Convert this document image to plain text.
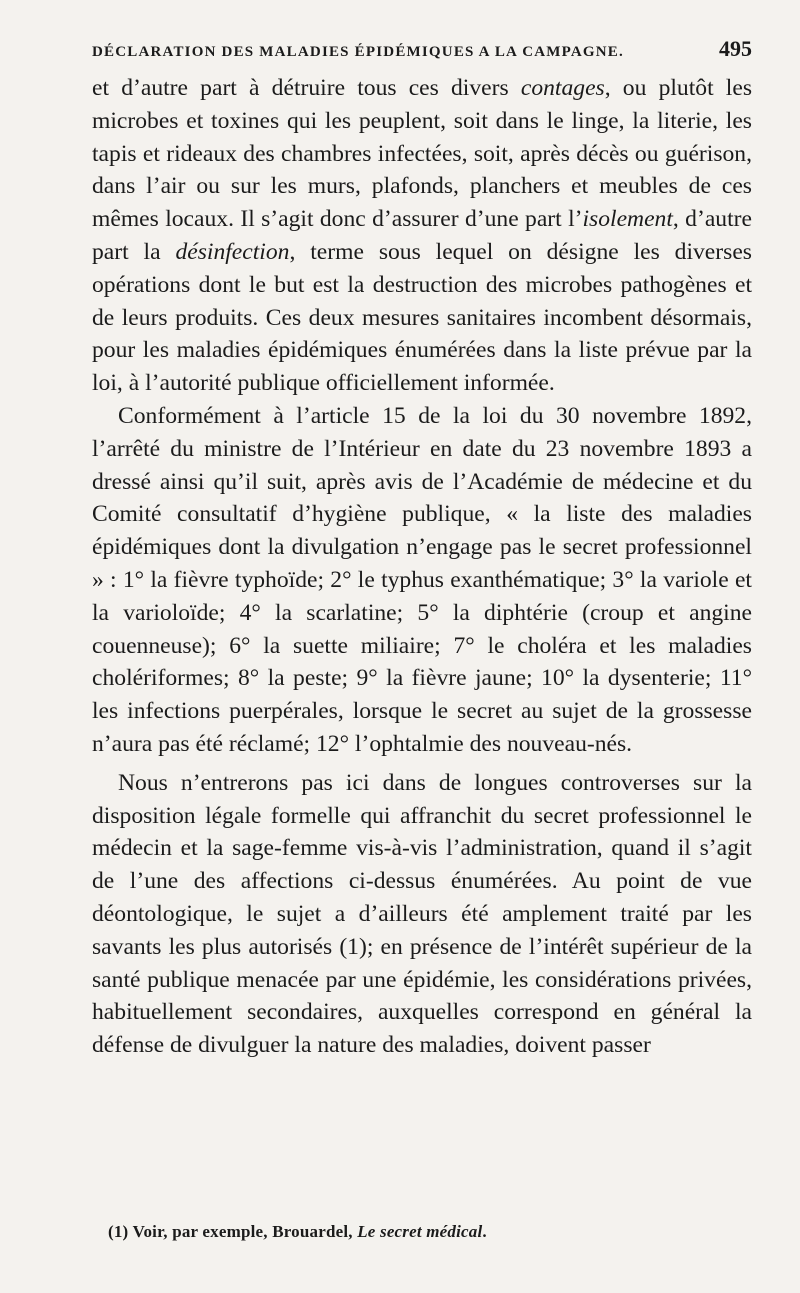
DÉCLARATION DES MALADIES ÉPIDÉMIQUES A LA CAMPAGNE.	495

et d’autre part à détruire tous ces divers contages, ou plutôt les microbes et toxines qui les peuplent, soit dans le linge, la literie, les tapis et rideaux des chambres infectées, soit, après décès ou guérison, dans l’air ou sur les murs, plafonds, planchers et meubles de ces mêmes locaux. Il s’agit donc d’assurer d’une part l’isolement, d’autre part la désinfection, terme sous lequel on désigne les diverses opérations dont le but est la destruction des microbes pathogènes et de leurs produits. Ces deux mesures sanitaires incombent désormais, pour les maladies épidémiques énumérées dans la liste prévue par la loi, à l’autorité publique officiellement informée.

Conformément à l’article 15 de la loi du 30 novembre 1892, l’arrêté du ministre de l’Intérieur en date du 23 novembre 1893 a dressé ainsi qu’il suit, après avis de l’Académie de médecine et du Comité consultatif d’hygiène publique, « la liste des maladies épidémiques dont la divulgation n’engage pas le secret professionnel » : 1° la fièvre typhoïde; 2° le typhus exanthématique; 3° la variole et la varioloïde; 4° la scarlatine; 5° la diphtérie (croup et angine couenneuse); 6° la suette miliaire; 7° le choléra et les maladies cholériformes; 8° la peste; 9° la fièvre jaune; 10° la dysenterie; 11° les infections puerpérales, lorsque le secret au sujet de la grossesse n’aura pas été réclamé; 12° l’ophtalmie des nouveau-nés.

Nous n’entrerons pas ici dans de longues controverses sur la disposition légale formelle qui affranchit du secret professionnel le médecin et la sage-femme vis-à-vis l’administration, quand il s’agit de l’une des affections ci-dessus énumérées. Au point de vue déontologique, le sujet a d’ailleurs été amplement traité par les savants les plus autorisés (1); en présence de l’intérêt supérieur de la santé publique menacée par une épidémie, les considérations privées, habituellement secondaires, auxquelles correspond en général la défense de divulguer la nature des maladies, doivent passer

(1) Voir, par exemple, Brouardel, Le secret médical.
